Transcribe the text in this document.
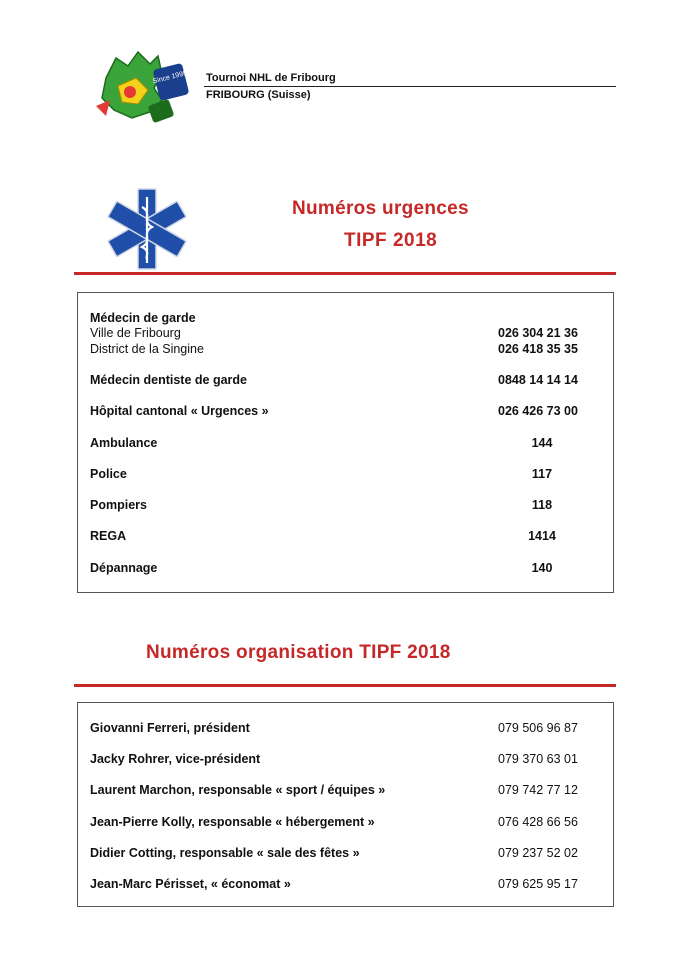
Since 1995 Tournoi NHL de Fribourg
FRIBOURG (Suisse)
Numéros urgences
TIPF 2018
Médecin de garde
Ville de Fribourg	026 304 21 36
District de la Singine	026 418 35 35
Médecin dentiste de garde	0848 14 14 14
Hôpital cantonal « Urgences »	026 426 73 00
Ambulance	144
Police	117
Pompiers	118
REGA	1414
Dépannage	140
Numéros organisation TIPF 2018
Giovanni Ferreri, président	079 506 96 87
Jacky Rohrer, vice-président	079 370 63 01
Laurent Marchon, responsable « sport / équipes »	079 742 77 12
Jean-Pierre Kolly, responsable « hébergement »	076 428 66 56
Didier Cotting, responsable « sale des fêtes »	079 237 52 02
Jean-Marc Périsset, « économat »	079 625 95 17
